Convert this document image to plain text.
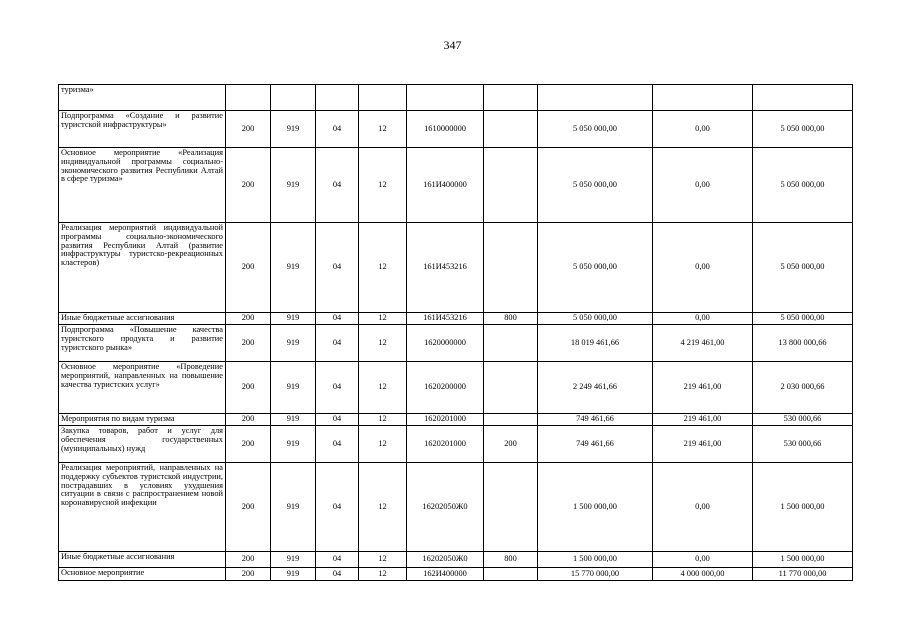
347
туризма»									
Подпрограмма «Создание и развитие туристской инфраструктуры»	200	919	04	12	1610000000		5 050 000,00	0,00	5 050 000,00
Основное мероприятие «Реализация индивидуальной программы социально-экономического развития Республики Алтай в сфере туризма»	200	919	04	12	161И400000		5 050 000,00	0,00	5 050 000,00
Реализация мероприятий индивидуальной программы социально-экономического развития Республики Алтай (развитие инфраструктуры туристско-рекреационных кластеров)	200	919	04	12	161И453216		5 050 000,00	0,00	5 050 000,00
Иные бюджетные ассигнования	200	919	04	12	161И453216	800	5 050 000,00	0,00	5 050 000,00
Подпрограмма «Повышение качества туристского продукта и развитие туристского рынка»	200	919	04	12	1620000000		18 019 461,66	4 219 461,00	13 800 000,66
Основное мероприятие «Проведение мероприятий, направленных на повышение качества туристских услуг»	200	919	04	12	1620200000		2 249 461,66	219 461,00	2 030 000,66
Мероприятия по видам туризма	200	919	04	12	1620201000		749 461,66	219 461,00	530 000,66
Закупка товаров, работ и услуг для обеспечения государственных (муниципальных) нужд	200	919	04	12	1620201000	200	749 461,66	219 461,00	530 000,66
Реализация мероприятий, направленных на поддержку субъектов туристской индустрии, пострадавших в условиях ухудшения ситуации в связи с распространением новой коронавирусной инфекции	200	919	04	12	16202050Ж0		1 500 000,00	0,00	1 500 000,00
Иные бюджетные ассигнования	200	919	04	12	16202050Ж0	800	1 500 000,00	0,00	1 500 000,00
Основное мероприятие	200	919	04	12	162И400000		15 770 000,00	4 000 000,00	11 770 000,00
